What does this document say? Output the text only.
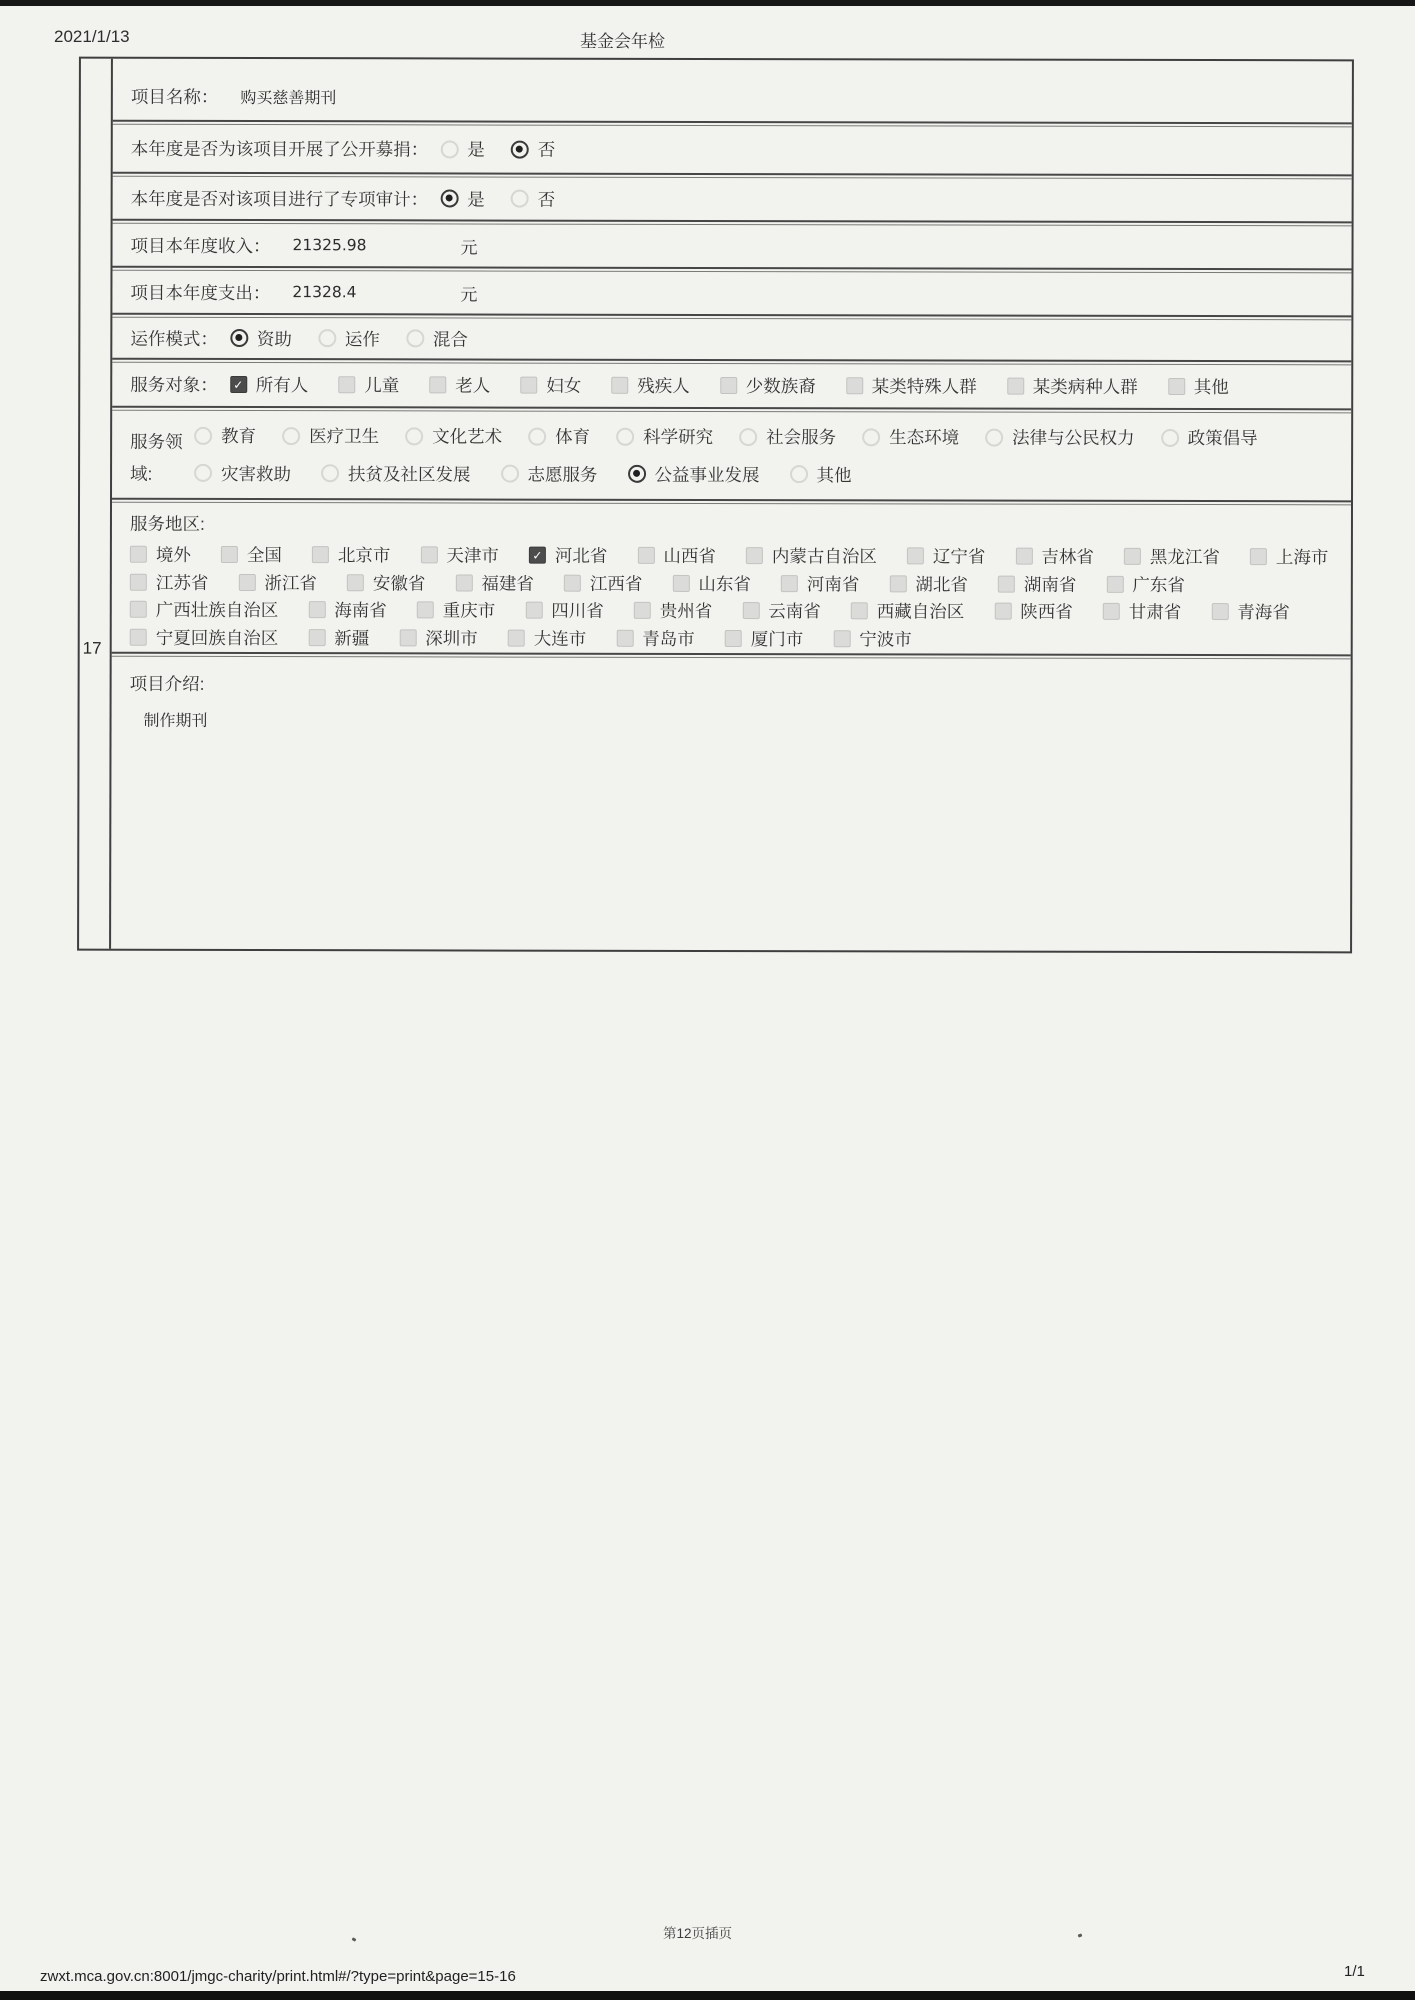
2021/1/13	基金会年检
17
项目名称： 购买慈善期刊
本年度是否为该项目开展了公开募捐： 是	否
本年度是否对该项目进行了专项审计： 是	否
项目本年度收入： 21325.98	元
项目本年度支出： 21328.4	元
运作模式： 资助	运作	混合
服务对象： ✓ 所有人	儿童	老人	妇女	残疾人	少数族裔	某类特殊人群	某类病种人群	其他
服务领域:
教育	医疗卫生	文化艺术	体育	科学研究	社会服务	生态环境	法律与公民权力	政策倡导
灾害救助	扶贫及社区发展	志愿服务	公益事业发展	其他
服务地区:
境外	全国	北京市	天津市	✓ 河北省	山西省	内蒙古自治区	辽宁省	吉林省	黑龙江省	上海市
江苏省	浙江省	安徽省	福建省	江西省	山东省	河南省	湖北省	湖南省	广东省
广西壮族自治区	海南省	重庆市	四川省	贵州省	云南省	西藏自治区	陕西省	甘肃省	青海省
宁夏回族自治区	新疆	深圳市	大连市	青岛市	厦门市	宁波市
项目介绍:
制作期刊
第12页插页
zwxt.mca.gov.cn:8001/jmgc-charity/print.html#/?type=print&page=15-16	1/1
